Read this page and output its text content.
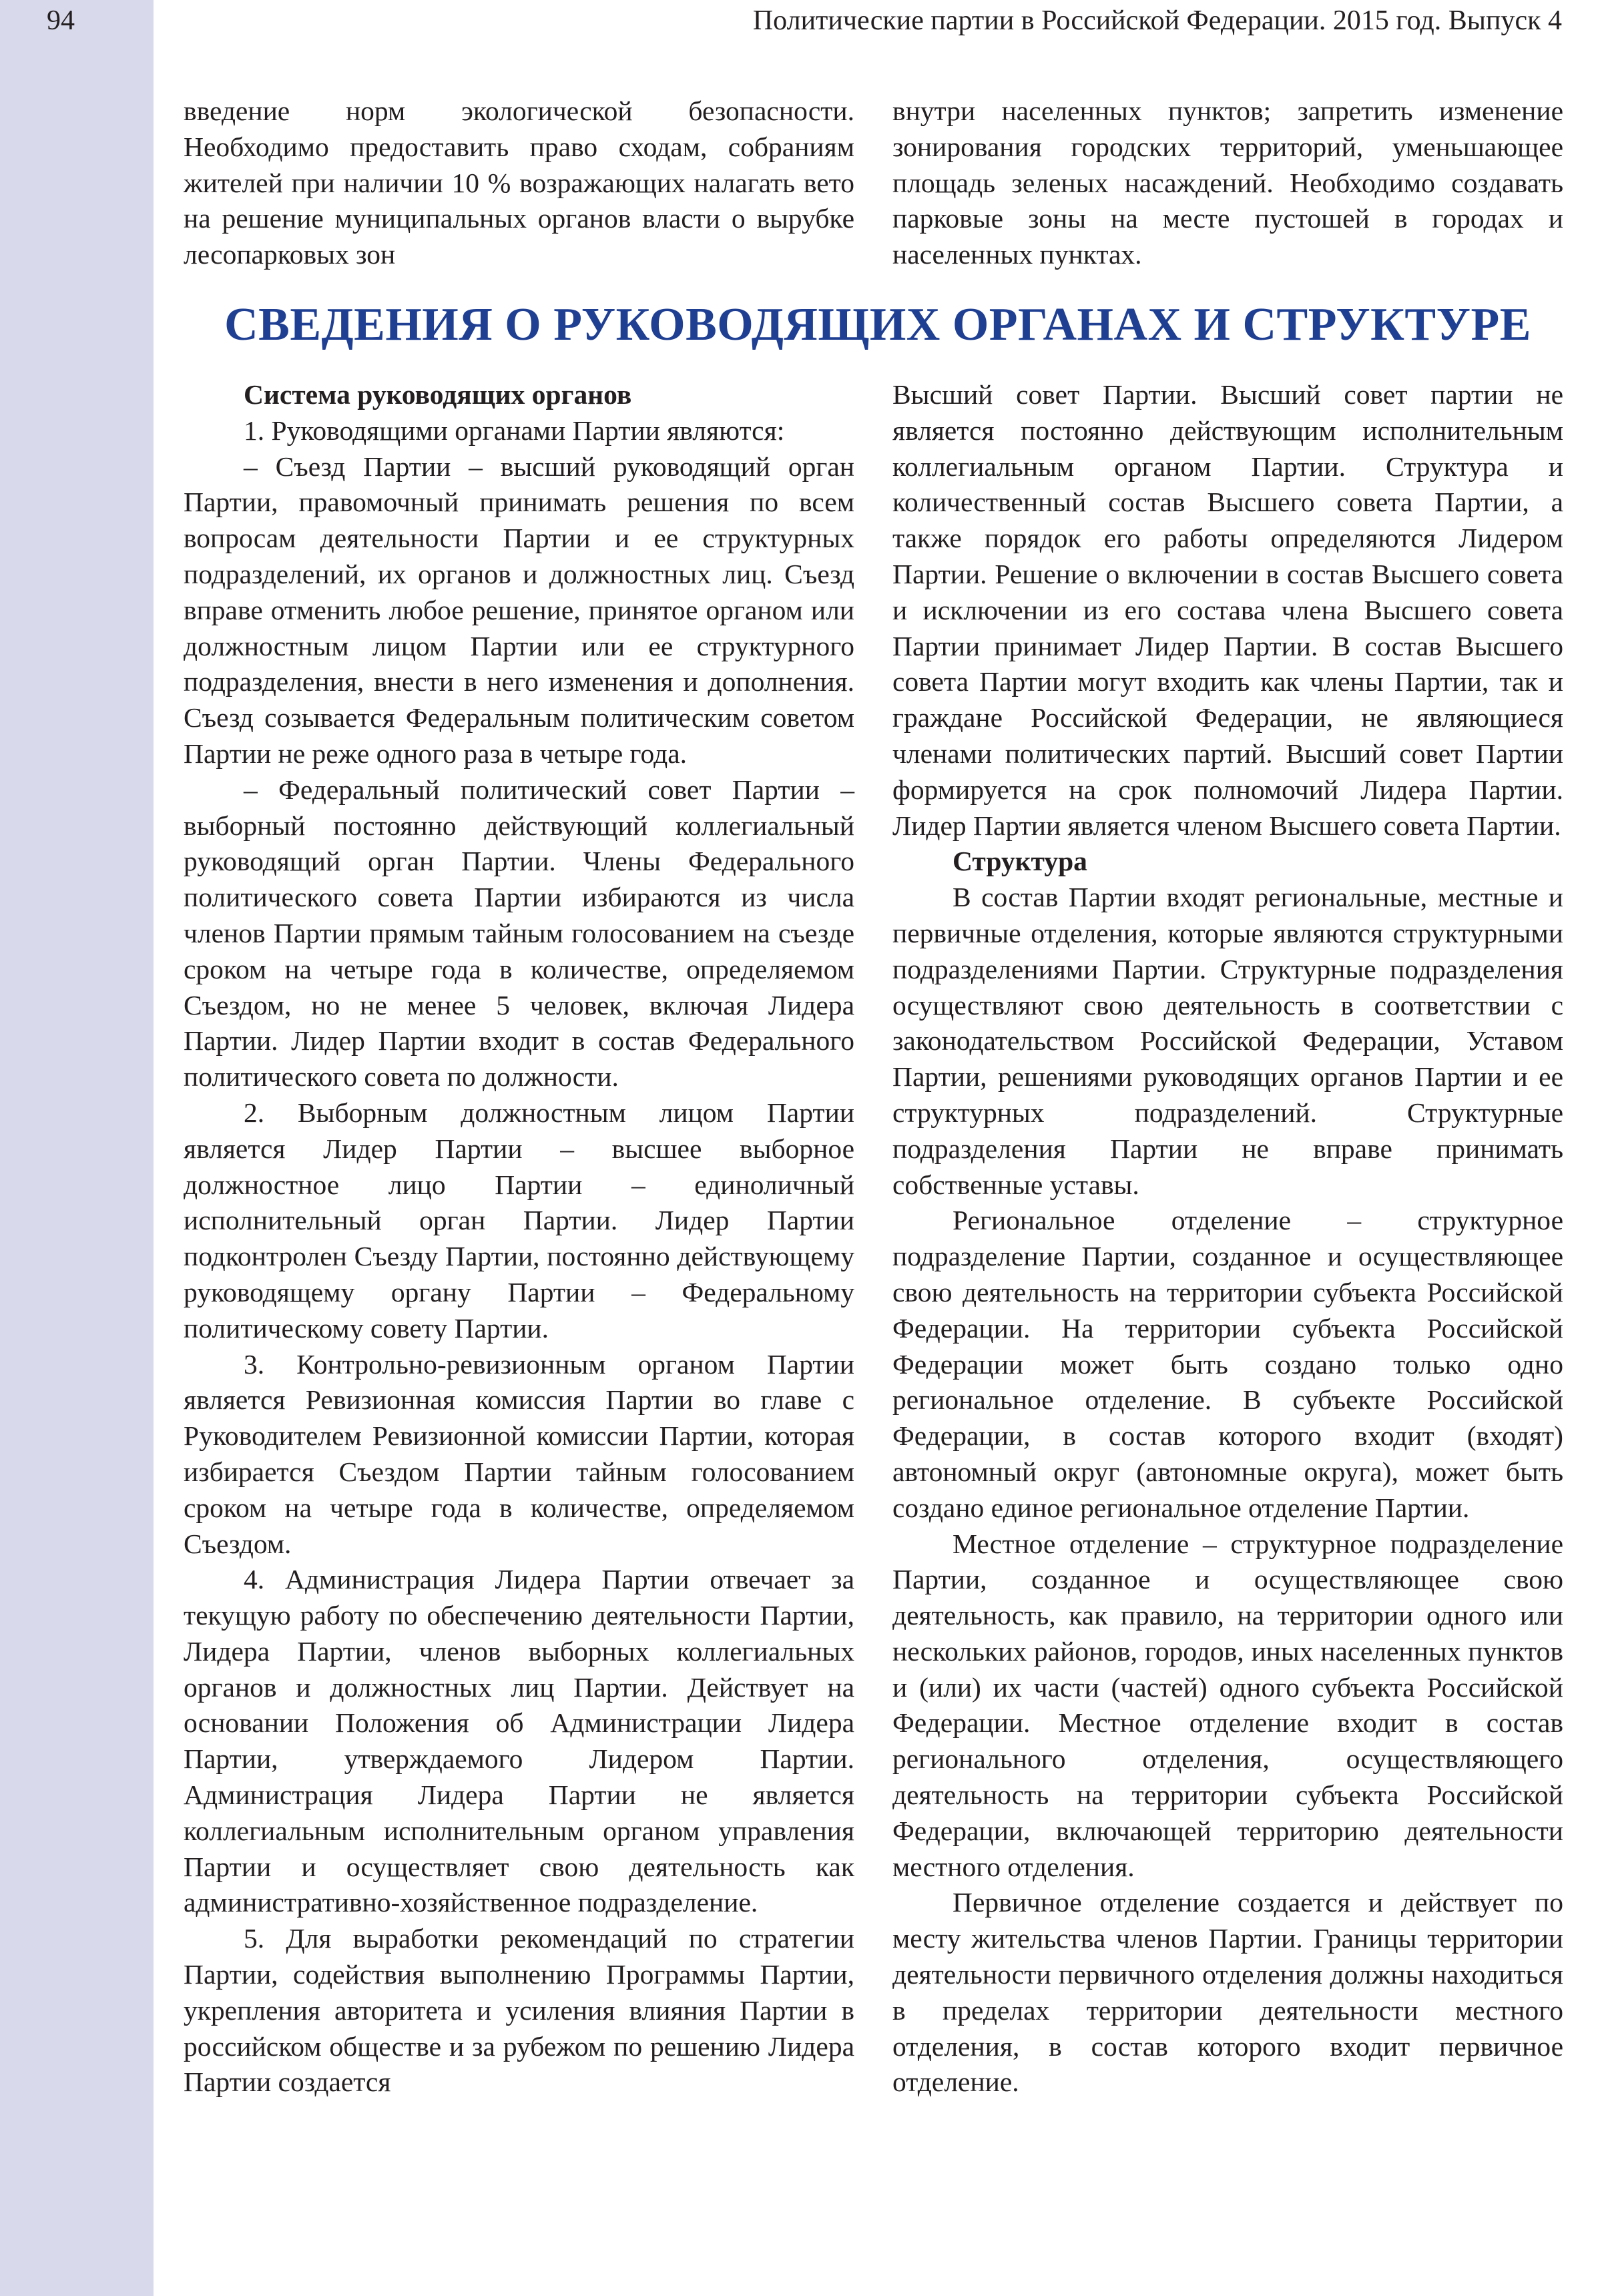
94	Политические партии в Российской Федерации. 2015 год. Выпуск 4

введение норм экологической безопасности. Необходимо предоставить право сходам, собраниям жителей при наличии 10 % возражающих налагать вето на решение муниципальных органов власти о вырубке лесопарковых зон

внутри населенных пунктов; запретить изменение зонирования городских территорий, уменьшающее площадь зеленых насаждений. Необходимо создавать парковые зоны на месте пустошей в городах и населенных пунктах.

СВЕДЕНИЯ О РУКОВОДЯЩИХ ОРГАНАХ И СТРУКТУРЕ

Система руководящих органов

1. Руководящими органами Партии являются:

– Съезд Партии – высший руководящий орган Партии, правомочный принимать решения по всем вопросам деятельности Партии и ее структурных подразделений, их органов и должностных лиц. Съезд вправе отменить любое решение, принятое органом или должностным лицом Партии или ее структурного подразделения, внести в него изменения и дополнения. Съезд созывается Федеральным политическим советом Партии не реже одного раза в четыре года.

– Федеральный политический совет Партии – выборный постоянно действующий коллегиальный руководящий орган Партии. Члены Федерального политического совета Партии избираются из числа членов Партии прямым тайным голосованием на съезде сроком на четыре года в количестве, определяемом Съездом, но не менее 5 человек, включая Лидера Партии. Лидер Партии входит в состав Федерального политического совета по должности.

2. Выборным должностным лицом Партии является Лидер Партии – высшее выборное должностное лицо Партии – единоличный исполнительный орган Партии. Лидер Партии подконтролен Съезду Партии, постоянно действующему руководящему органу Партии – Федеральному политическому совету Партии.

3. Контрольно-ревизионным органом Партии является Ревизионная комиссия Партии во главе с Руководителем Ревизионной комиссии Партии, которая избирается Съездом Партии тайным голосованием сроком на четыре года в количестве, определяемом Съездом.

4. Администрация Лидера Партии отвечает за текущую работу по обеспечению деятельности Партии, Лидера Партии, членов выборных коллегиальных органов и должностных лиц Партии. Действует на основании Положения об Администрации Лидера Партии, утверждаемого Лидером Партии. Администрация Лидера Партии не является коллегиальным исполнительным органом управления Партии и осуществляет свою деятельность как административно-хозяйственное подразделение.

5. Для выработки рекомендаций по стратегии Партии, содействия выполнению Программы Партии, укрепления авторитета и усиления влияния Партии в российском обществе и за рубежом по решению Лидера Партии создается

Высший совет Партии. Высший совет партии не является постоянно действующим исполнительным коллегиальным органом Партии. Структура и количественный состав Высшего совета Партии, а также порядок его работы определяются Лидером Партии. Решение о включении в состав Высшего совета и исключении из его состава члена Высшего совета Партии принимает Лидер Партии. В состав Высшего совета Партии могут входить как члены Партии, так и граждане Российской Федерации, не являющиеся членами политических партий. Высший совет Партии формируется на срок полномочий Лидера Партии. Лидер Партии является членом Высшего совета Партии.

Структура

В состав Партии входят региональные, местные и первичные отделения, которые являются структурными подразделениями Партии. Структурные подразделения осуществляют свою деятельность в соответствии с законодательством Российской Федерации, Уставом Партии, решениями руководящих органов Партии и ее структурных подразделений. Структурные подразделения Партии не вправе принимать собственные уставы.

Региональное отделение – структурное подразделение Партии, созданное и осуществляющее свою деятельность на территории субъекта Российской Федерации. На территории субъекта Российской Федерации может быть создано только одно региональное отделение. В субъекте Российской Федерации, в состав которого входит (входят) автономный округ (автономные округа), может быть создано единое региональное отделение Партии.

Местное отделение – структурное подразделение Партии, созданное и осуществляющее свою деятельность, как правило, на территории одного или нескольких районов, городов, иных населенных пунктов и (или) их части (частей) одного субъекта Российской Федерации. Местное отделение входит в состав регионального отделения, осуществляющего деятельность на территории субъекта Российской Федерации, включающей территорию деятельности местного отделения.

Первичное отделение создается и действует по месту жительства членов Партии. Границы территории деятельности первичного отделения должны находиться в пределах территории деятельности местного отделения, в состав которого входит первичное отделение.
